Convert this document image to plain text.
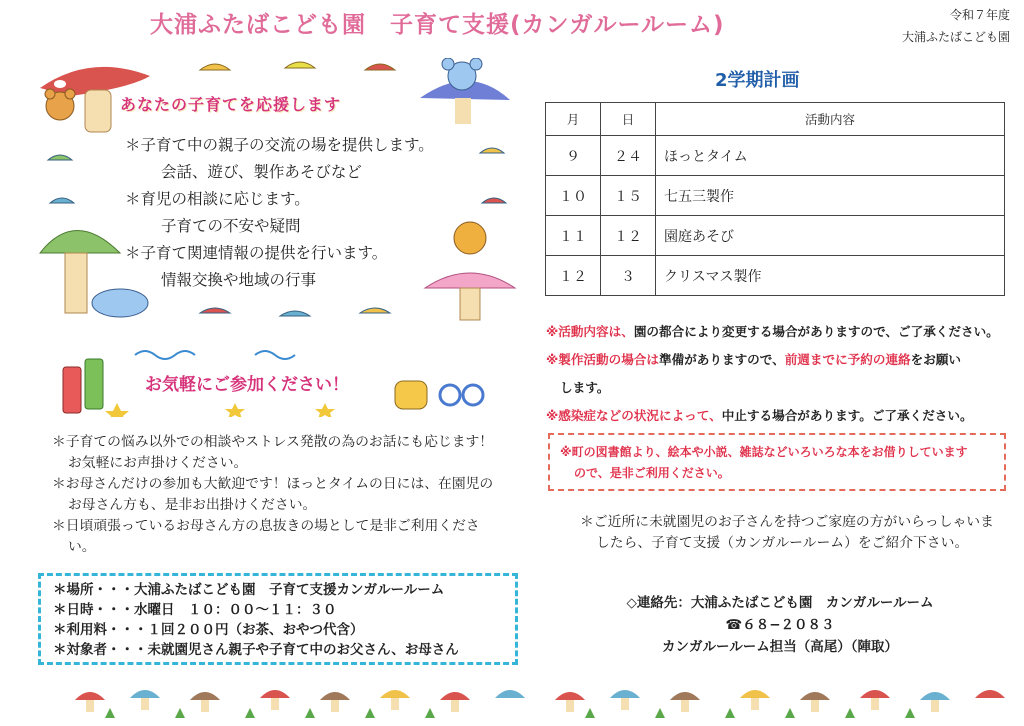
大浦ふたばこども園　子育て支援(カンガルールーム)	令和７年度
大浦ふたばこども園
あなたの子育てを応援します
＊子育て中の親子の交流の場を提供します。
会話、遊び、製作あそびなど
＊育児の相談に応じます。
子育ての不安や疑問
＊子育て関連情報の提供を行います。
情報交換や地域の行事
お気軽にご参加ください！
＊子育ての悩み以外での相談やストレス発散の為のお話にも応じます！お気軽にお声掛けください。
＊お母さんだけの参加も大歓迎です！ほっとタイムの日には、在園児のお母さん方も、是非お出掛けください。
＊日頃頑張っているお母さん方の息抜きの場として是非ご利用ください。
＊場所・・・大浦ふたばこども園　子育て支援カンガルールーム
＊日時・・・水曜日　１０：００～１１：３０
＊利用料・・・１回２００円（お茶、おやつ代含）
＊対象者・・・未就園児さん親子や子育て中のお父さん、お母さん
2学期計画
月	日	活動内容
９	２４	ほっとタイム
１０	１５	七五三製作
１１	１２	園庭あそび
１２	３	クリスマス製作
※活動内容は、園の都合により変更する場合がありますので、ご了承ください。
※製作活動の場合は準備がありますので、前週までに予約の連絡をお願い
します。
※感染症などの状況によって、中止する場合があります。ご了承ください。
※町の図書館より、絵本や小説、雑誌などいろいろな本をお借りしています
ので、是非ご利用ください。
＊ご近所に未就園児のお子さんを持つご家庭の方がいらっしゃいましたら、子育て支援（カンガルールーム）をご紹介下さい。
◇連絡先：大浦ふたばこども園　カンガルールーム
☎６８−２０８３
カンガルールーム担当（高尾）（陣取）
